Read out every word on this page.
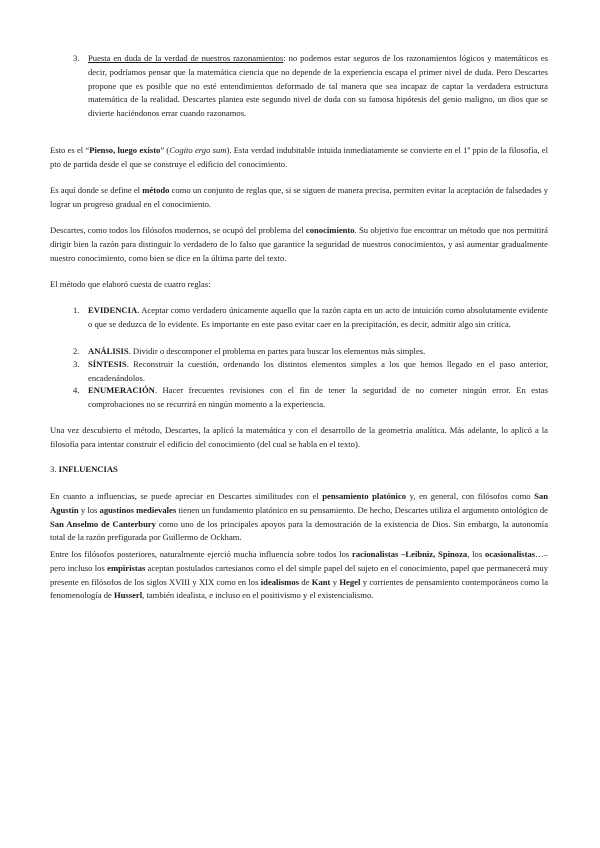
3. Puesta en duda de la verdad de nuestros razonamientos: no podemos estar seguros de los razonamientos lógicos y matemáticos es decir, podríamos pensar que la matemática ciencia que no depende de la experiencia escapa el primer nivel de duda. Pero Descartes propone que es posible que no esté entendimientos deformado de tal manera que sea incapaz de captar la verdadera estructura matemática de la realidad. Descartes plantea este segundo nivel de duda con su famosa hipótesis del genio maligno, un dios que se divierte haciéndonos errar cuando razonamos.
Esto es el “Pienso, luego existo” (Cogito ergo sum). Esta verdad indubitable intuida inmediatamente se convierte en el 1º ppio de la filosofía, el pto de partida desde el que se construye el edificio del conocimiento.
Es aquí donde se define el método como un conjunto de reglas que, si se siguen de manera precisa, permiten evitar la aceptación de falsedades y lograr un progreso gradual en el conocimiento.
Descartes, como todos los filósofos modernos, se ocupó del problema del conocimiento. Su objetivo fue encontrar un método que nos permitirá dirigir bien la razón para distinguir lo verdadero de lo falso que garantice la seguridad de nuestros conocimientos, y así aumentar gradualmente nuestro conocimiento, como bien se dice en la última parte del texto.
El método que elaboró cuesta de cuatro reglas:
1. EVIDENCIA. Aceptar como verdadero únicamente aquello que la razón capta en un acto de intuición como absolutamente evidente o que se deduzca de lo evidente. Es importante en este paso evitar caer en la precipitación, es decir, admitir algo sin crítica.
2. ANÁLISIS. Dividir o descomponer el problema en partes para buscar los elementos más simples.
3. SÍNTESIS. Reconstruir la cuestión, ordenando los distintos elementos simples a los que hemos llegado en el paso anterior, encadenándolos.
4. ENUMERACIÓN. Hacer frecuentes revisiones con el fin de tener la seguridad de no cometer ningún error. En estas comprobaciones no se recurrirá en ningún momento a la experiencia.
Una vez descubierto el método, Descartes, la aplicó la matemática y con el desarrollo de la geometría analítica. Más adelante, lo aplicó a la filosofía para intentar construir el edificio del conocimiento (del cual se habla en el texto).
3. INFLUENCIAS
En cuanto a influencias, se puede apreciar en Descartes similitudes con el pensamiento platónico y, en general, con filósofos como San Agustín y los agustinos medievales tienen un fundamento platónico en su pensamiento. De hecho, Descartes utiliza el argumento ontológico de San Anselmo de Canterbury como uno de los principales apoyos para la demostración de la existencia de Dios. Sin embargo, la autonomía total de la razón prefigurada por Guillermo de Ockham.
Entre los filósofos posteriores, naturalmente ejerció mucha influencia sobre todos los racionalistas –Leibniz, Spinoza, los ocasionalistas…– pero incluso los empiristas aceptan postulados cartesianos como el del simple papel del sujeto en el conocimiento, papel que permanecerá muy presente en filósofos de los siglos XVIII y XIX como en los idealismos de Kant y Hegel y corrientes de pensamiento contemporáneos como la fenomenología de Husserl, también idealista, e incluso en el positivismo y el existencialismo.
